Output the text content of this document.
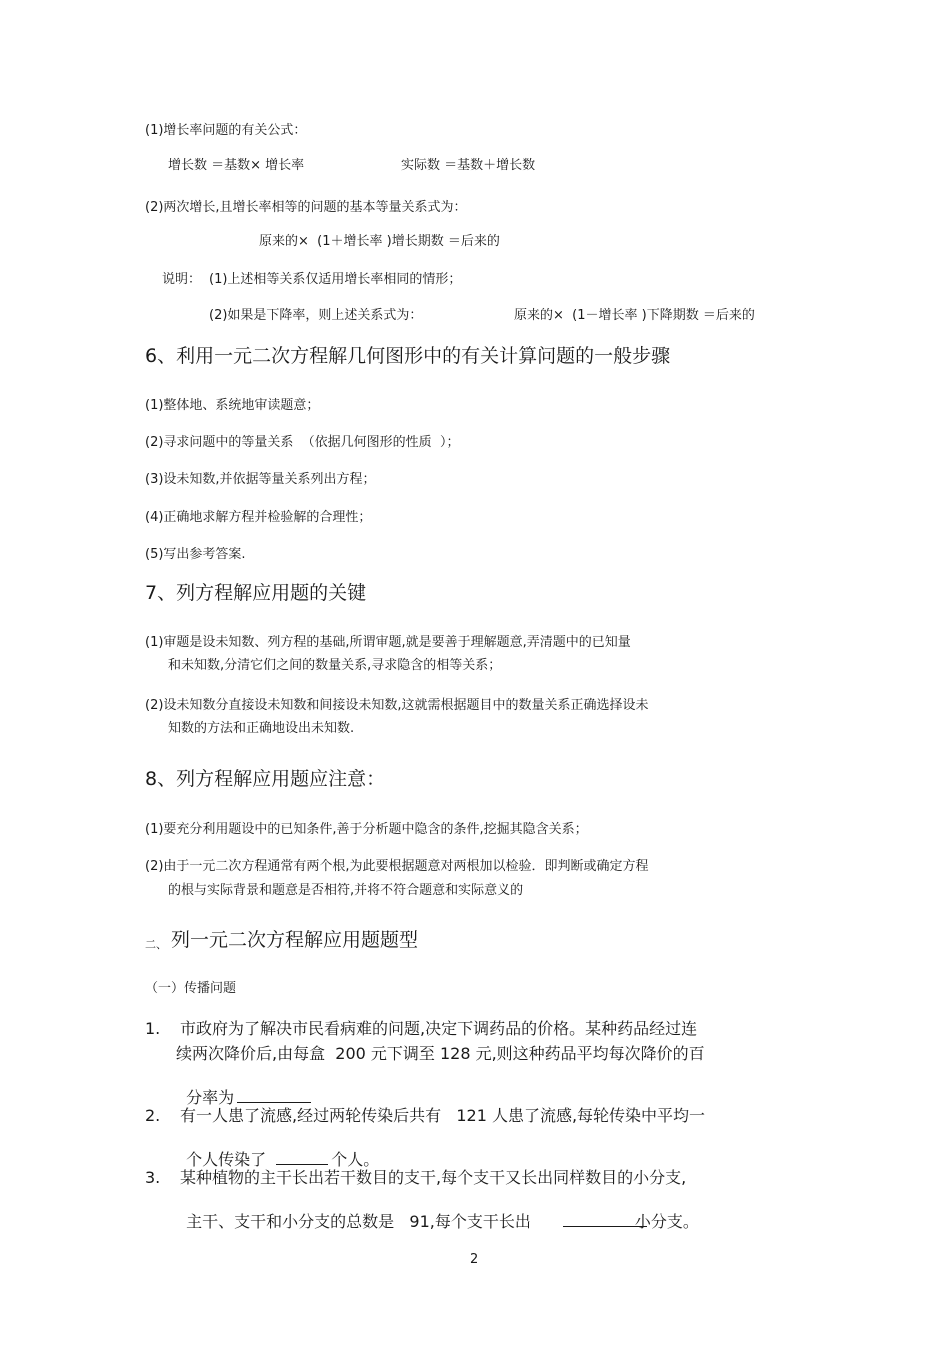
(1)增长率问题的有关公式：
增长数 ＝基数× 增长率	实际数 ＝基数＋增长数
(2)两次增长,且增长率相等的问题的基本等量关系式为：
原来的×  (1＋增长率 )增长期数 ＝后来的
说明： (1)上述相等关系仅适用增长率相同的情形；
(2)如果是下降率，则上述关系式为：	原来的×  (1－增长率 )下降期数 ＝后来的
6、利用一元二次方程解几何图形中的有关计算问题的一般步骤
(1)整体地、系统地审读题意；
(2)寻求问题中的等量关系  （依据几何图形的性质  ）；
(3)设未知数,并依据等量关系列出方程；
(4)正确地求解方程并检验解的合理性；
(5)写出参考答案.
7、列方程解应用题的关键
(1)审题是设未知数、列方程的基础,所谓审题,就是要善于理解题意,弄清题中的已知量
和未知数,分清它们之间的数量关系,寻求隐含的相等关系；
(2)设未知数分直接设未知数和间接设未知数,这就需根据题目中的数量关系正确选择设未
知数的方法和正确地设出未知数.
8、列方程解应用题应注意：
(1)要充分利用题设中的已知条件,善于分析题中隐含的条件,挖掘其隐含关系；
(2)由于一元二次方程通常有两个根,为此要根据题意对两根加以检验．即判断或确定方程
的根与实际背景和题意是否相符,并将不符合题意和实际意义的
二、 列一元二次方程解应用题题型
（一）传播问题
1. 市政府为了解决市民看病难的问题,决定下调药品的价格。某种药品经过连
续两次降价后,由每盒  200 元下调至 128 元,则这种药品平均每次降价的百

分率为

2. 有一人患了流感,经过两轮传染后共有   121 人患了流感,每轮传染中平均一

个人传染了	个人。

3. 某种植物的主干长出若干数目的支干,每个支干又长出同样数目的小分支,

主干、支干和小分支的总数是   91,每个支干长出	小分支。

2
